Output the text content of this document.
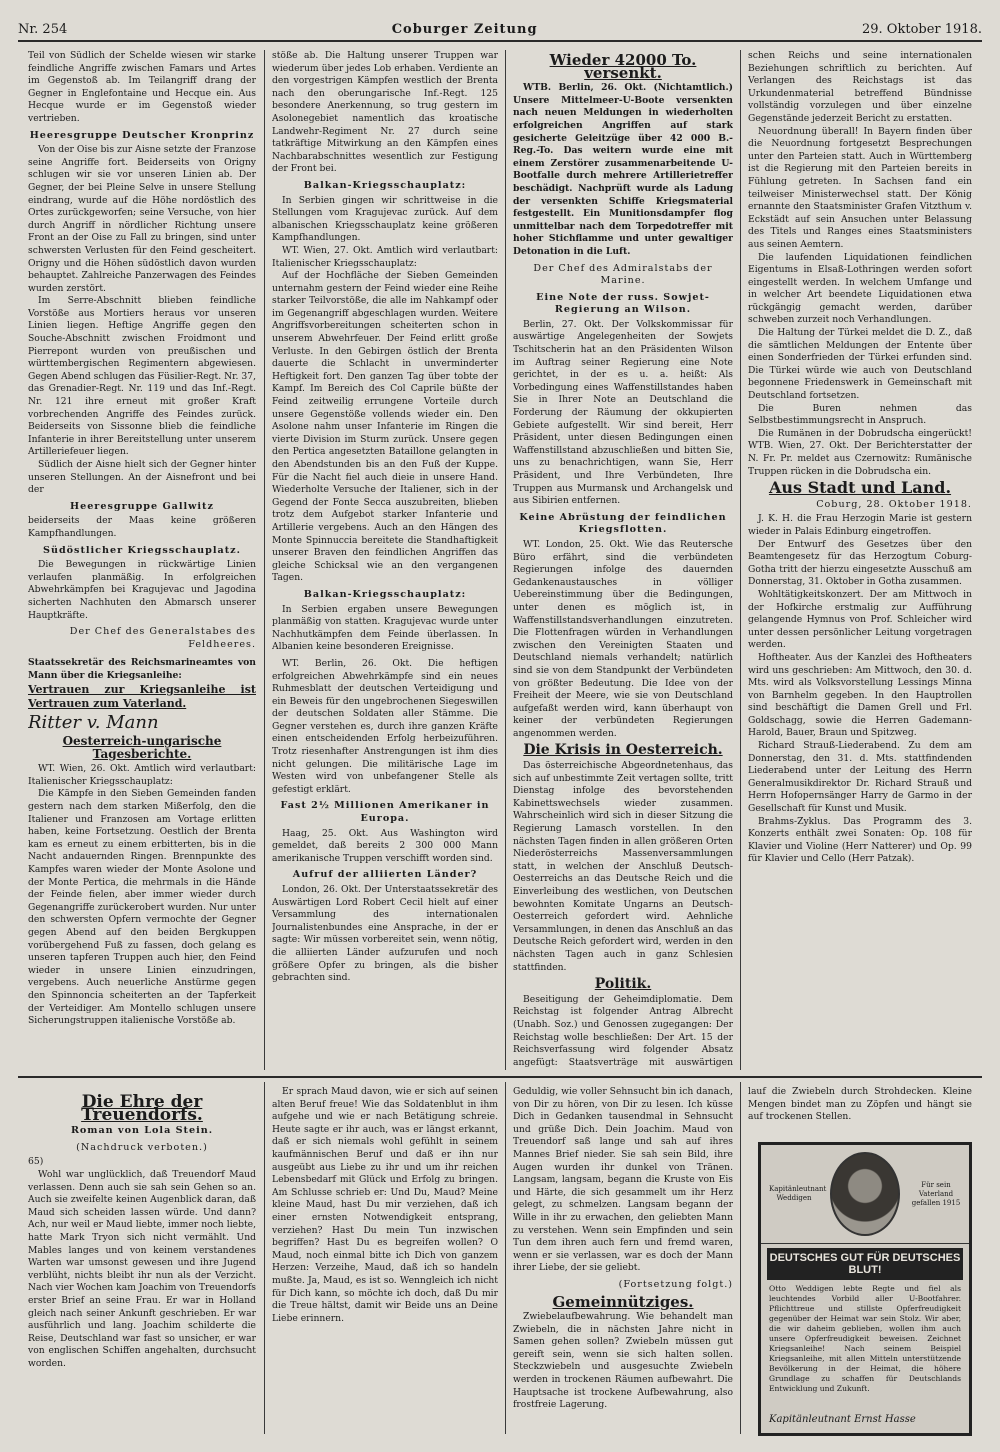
Nr. 254	Coburger Zeitung	29. Oktober 1918.

Teil von Südlich der Schelde wiesen wir starke feindliche Angriffe zwischen Famars und Artes im Gegenstoß ab. Im Teilangriff drang der Gegner in Englefontaine und Hecque ein. Aus Hecque wurde er im Gegenstoß wieder vertrieben.

Heeresgruppe Deutscher Kronprinz

Von der Oise bis zur Aisne setzte der Franzose seine Angriffe fort. Beiderseits von Origny schlugen wir sie vor unseren Linien ab. Der Gegner, der bei Pleine Selve in unsere Stellung eindrang, wurde auf die Höhe nordöstlich des Ortes zurückgeworfen; seine Versuche, von hier durch Angriff in nördlicher Richtung unsere Front an der Oise zu Fall zu bringen, sind unter schwersten Verlusten für den Feind gescheitert. Origny und die Höhen südöstlich davon wurden behauptet. Zahlreiche Panzerwagen des Feindes wurden zerstört.

Im Serre-Abschnitt blieben feindliche Vorstöße aus Mortiers heraus vor unseren Linien liegen. Heftige Angriffe gegen den Souche-Abschnitt zwischen Froidmont und Pierrepont wurden von preußischen und württembergischen Regimentern abgewiesen. Gegen Abend schlugen das Füsilier-Regt. Nr. 37, das Grenadier-Regt. Nr. 119 und das Inf.-Regt. Nr. 121 ihre erneut mit großer Kraft vorbrechenden Angriffe des Feindes zurück. Beiderseits von Sissonne blieb die feindliche Infanterie in ihrer Bereitstellung unter unserem Artilleriefeuer liegen.

Südlich der Aisne hielt sich der Gegner hinter unseren Stellungen. An der Aisnefront und bei der

Heeresgruppe Gallwitz

beiderseits der Maas keine größeren Kampfhandlungen.

Südöstlicher Kriegsschauplatz.

Die Bewegungen in rückwärtige Linien verlaufen planmäßig. In erfolgreichen Abwehrkämpfen bei Kragujevac und Jagodina sicherten Nachhuten den Abmarsch unserer Hauptkräfte.

Der Chef des Generalstabes des Feldheeres.

Staatssekretär des Reichsmarineamtes von Mann über die Kriegsanleihe:

Vertrauen zur Kriegsanleihe ist Vertrauen zum Vaterland.

Ritter v. Mann
Oesterreich-ungarische Tagesberichte.

WT. Wien, 26. Okt. Amtlich wird verlautbart: Italienischer Kriegsschauplatz:

Die Kämpfe in den Sieben Gemeinden fanden gestern nach dem starken Mißerfolg, den die Italiener und Franzosen am Vortage erlitten haben, keine Fortsetzung. Oestlich der Brenta kam es erneut zu einem erbitterten, bis in die Nacht andauernden Ringen. Brennpunkte des Kampfes waren wieder der Monte Asolone und der Monte Pertica, die mehrmals in die Hände der Feinde fielen, aber immer wieder durch Gegenangriffe zurückerobert wurden. Nur unter den schwersten Opfern vermochte der Gegner gegen Abend auf den beiden Bergkuppen vorübergehend Fuß zu fassen, doch gelang es unseren tapferen Truppen auch hier, den Feind wieder in unsere Linien einzudringen, vergebens. Auch neuerliche Anstürme gegen den Spinnoncia scheiterten an der Tapferkeit der Verteidiger. Am Montello schlugen unsere Sicherungstruppen italienische Vorstöße ab.

stöße ab. Die Haltung unserer Truppen war wiederum über jedes Lob erhaben. Verdiente an den vorgestrigen Kämpfen westlich der Brenta nach den oberungarische Inf.-Regt. 125 besondere Anerkennung, so trug gestern im Asolonegebiet namentlich das kroatische Landwehr-Regiment Nr. 27 durch seine tatkräftige Mitwirkung an den Kämpfen eines Nachbarabschnittes wesentlich zur Festigung der Front bei.

Balkan-Kriegsschauplatz:

In Serbien gingen wir schrittweise in die Stellungen vom Kragujevac zurück. Auf dem albanischen Kriegsschauplatz keine größeren Kampfhandlungen.

WT. Wien, 27. Okt. Amtlich wird verlautbart: Italienischer Kriegsschauplatz:

Auf der Hochfläche der Sieben Gemeinden unternahm gestern der Feind wieder eine Reihe starker Teilvorstöße, die alle im Nahkampf oder im Gegenangriff abgeschlagen wurden. Weitere Angriffsvorbereitungen scheiterten schon in unserem Abwehrfeuer. Der Feind erlitt große Verluste. In den Gebirgen östlich der Brenta dauerte die Schlacht in unverminderter Heftigkeit fort. Den ganzen Tag über tobte der Kampf. Im Bereich des Col Caprile büßte der Feind zeitweilig errungene Vorteile durch unsere Gegenstöße vollends wieder ein. Den Asolone nahm unser Infanterie im Ringen die vierte Division im Sturm zurück. Unsere gegen den Pertica angesetzten Bataillone gelangten in den Abendstunden bis an den Fuß der Kuppe. Für die Nacht fiel auch dieie in unsere Hand. Wiederholte Versuche der Italiener, sich in der Gegend der Fonte Secca auszubreiten, blieben trotz dem Aufgebot starker Infanterie und Artillerie vergebens. Auch an den Hängen des Monte Spinnuccia bereitete die Standhaftigkeit unserer Braven den feindlichen Angriffen das gleiche Schicksal wie an den vergangenen Tagen.

Balkan-Kriegsschauplatz:

In Serbien ergaben unsere Bewegungen planmäßig von statten. Kragujevac wurde unter Nachhutkämpfen dem Feinde überlassen. In Albanien keine besonderen Ereignisse.

WT. Berlin, 26. Okt. Die heftigen erfolgreichen Abwehrkämpfe sind ein neues Ruhmesblatt der deutschen Verteidigung und ein Beweis für den ungebrochenen Siegeswillen der deutschen Soldaten aller Stämme. Die Gegner verstehen es, durch ihre ganzen Kräfte einen entscheidenden Erfolg herbeizuführen. Trotz riesenhafter Anstrengungen ist ihm dies nicht gelungen. Die militärische Lage im Westen wird von unbefangener Stelle als gefestigt erklärt.

Fast 2½ Millionen Amerikaner in Europa.

Haag, 25. Okt. Aus Washington wird gemeldet, daß bereits 2 300 000 Mann amerikanische Truppen verschifft worden sind.

Aufruf der alliierten Länder?

London, 26. Okt. Der Unterstaatssekretär des Auswärtigen Lord Robert Cecil hielt auf einer Versammlung des internationalen Journalistenbundes eine Ansprache, in der er sagte: Wir müssen vorbereitet sein, wenn nötig, die alliierten Länder aufzurufen und noch größere Opfer zu bringen, als die bisher gebrachten sind.

Wieder 42000 To. versenkt.

WTB. Berlin, 26. Okt. (Nichtamtlich.) Unsere Mittelmeer-U-Boote versenkten nach neuen Meldungen in wiederholten erfolgreichen Angriffen auf stark gesicherte Geleitzüge über 42 000 B.-Reg.-To. Das weitern wurde eine mit einem Zerstörer zusammenarbeitende U-Bootfalle durch mehrere Artillerietreffer beschädigt. Nachprüft wurde als Ladung der versenkten Schiffe Kriegsmaterial festgestellt. Ein Munitionsdampfer flog unmittelbar nach dem Torpedotreffer mit hoher Stichflamme und unter gewaltiger Detonation in die Luft.

Der Chef des Admiralstabs der Marine.
Eine Note der russ. Sowjet-Regierung an Wilson.

Berlin, 27. Okt. Der Volkskommissar für auswärtige Angelegenheiten der Sowjets Tschitscherin hat an den Präsidenten Wilson im Auftrag seiner Regierung eine Note gerichtet, in der es u. a. heißt: Als Vorbedingung eines Waffenstillstandes haben Sie in Ihrer Note an Deutschland die Forderung der Räumung der okkupierten Gebiete aufgestellt. Wir sind bereit, Herr Präsident, unter diesen Bedingungen einen Waffenstillstand abzuschließen und bitten Sie, uns zu benachrichtigen, wann Sie, Herr Präsident, und Ihre Verbündeten, Ihre Truppen aus Murmansk und Archangelsk und aus Sibirien entfernen.

Keine Abrüstung der feindlichen Kriegsflotten.

WT. London, 25. Okt. Wie das Reutersche Büro erfährt, sind die verbündeten Regierungen infolge des dauernden Gedankenaustausches in völliger Uebereinstimmung über die Bedingungen, unter denen es möglich ist, in Waffenstillstandsverhandlungen einzutreten. Die Flottenfragen würden in Verhandlungen zwischen den Vereinigten Staaten und Deutschland niemals verhandelt; natürlich sind sie von dem Standpunkt der Verbündeten von größter Bedeutung. Die Idee von der Freiheit der Meere, wie sie von Deutschland aufgefaßt werden wird, kann überhaupt von keiner der verbündeten Regierungen angenommen werden.

Die Krisis in Oesterreich.

Das österreichische Abgeordnetenhaus, das sich auf unbestimmte Zeit vertagen sollte, tritt Dienstag infolge des bevorstehenden Kabinettswechsels wieder zusammen. Wahrscheinlich wird sich in dieser Sitzung die Regierung Lamasch vorstellen. In den nächsten Tagen finden in allen größeren Orten Niederösterreichs Massenversammlungen statt, in welchen der Anschluß Deutsch-Oesterreichs an das Deutsche Reich und die Einverleibung des westlichen, von Deutschen bewohnten Komitate Ungarns an Deutsch-Oesterreich gefordert wird. Aehnliche Versammlungen, in denen das Anschluß an das Deutsche Reich gefordert wird, werden in den nächsten Tagen auch in ganz Schlesien stattfinden.

Politik.

Beseitigung der Geheimdiplomatie. Dem Reichstag ist folgender Antrag Albrecht (Unabh. Soz.) und Genossen zugegangen: Der Reichstag wolle beschließen: Der Art. 15 der Reichsverfassung wird folgender Absatz angefügt: Staatsverträge mit auswärtigen

schen Reichs und seine internationalen Beziehungen schriftlich zu berichten. Auf Verlangen des Reichstags ist das Urkundenmaterial betreffend Bündnisse vollständig vorzulegen und über einzelne Gegenstände jederzeit Bericht zu erstatten.

Neuordnung überall! In Bayern finden über die Neuordnung fortgesetzt Besprechungen unter den Parteien statt. Auch in Württemberg ist die Regierung mit den Parteien bereits in Fühlung getreten. In Sachsen fand ein teilweiser Ministerwechsel statt. Der König ernannte den Staatsminister Grafen Vitzthum v. Eckstädt auf sein Ansuchen unter Belassung des Titels und Ranges eines Staatsministers aus seinen Aemtern.

Die laufenden Liquidationen feindlichen Eigentums in Elsaß-Lothringen werden sofort eingestellt werden. In welchem Umfange und in welcher Art beendete Liquidationen etwa rückgängig gemacht werden, darüber schweben zurzeit noch Verhandlungen.

Die Haltung der Türkei meldet die D. Z., daß die sämtlichen Meldungen der Entente über einen Sonderfrieden der Türkei erfunden sind. Die Türkei würde wie auch von Deutschland begonnene Friedenswerk in Gemeinschaft mit Deutschland fortsetzen.

Die Buren nehmen das Selbstbestimmungsrecht in Anspruch.

Die Rumänen in der Dobrudscha eingerückt! WTB. Wien, 27. Okt. Der Berichterstatter der N. Fr. Pr. meldet aus Czernowitz: Rumänische Truppen rücken in die Dobrudscha ein.

Aus Stadt und Land.
Coburg, 28. Oktober 1918.

J. K. H. die Frau Herzogin Marie ist gestern wieder in Palais Edinburg eingetroffen.

Der Entwurf des Gesetzes über den Beamtengesetz für das Herzogtum Coburg-Gotha tritt der hierzu eingesetzte Ausschuß am Donnerstag, 31. Oktober in Gotha zusammen.

Wohltätigkeitskonzert. Der am Mittwoch in der Hofkirche erstmalig zur Aufführung gelangende Hymnus von Prof. Schleicher wird unter dessen persönlicher Leitung vorgetragen werden.

Hoftheater. Aus der Kanzlei des Hoftheaters wird uns geschrieben: Am Mittwoch, den 30. d. Mts. wird als Volksvorstellung Lessings Minna von Barnhelm gegeben. In den Hauptrollen sind beschäftigt die Damen Grell und Frl. Goldschagg, sowie die Herren Gademann-Harold, Bauer, Braun und Spitzweg.

Richard Strauß-Liederabend. Zu dem am Donnerstag, den 31. d. Mts. stattfindenden Liederabend unter der Leitung des Herrn Generalmusikdirektor Dr. Richard Strauß und Herrn Hofopernsänger Harry de Garmo in der Gesellschaft für Kunst und Musik.

Brahms-Zyklus. Das Programm des 3. Konzerts enthält zwei Sonaten: Op. 108 für Klavier und Violine (Herr Natterer) und Op. 99 für Klavier und Cello (Herr Patzak).

Die Ehre der Treuendorfs.
Roman von Lola Stein.
(Nachdruck verboten.)

65)

Wohl war unglücklich, daß Treuendorf Maud verlassen. Denn auch sie sah sein Gehen so an. Auch sie zweifelte keinen Augenblick daran, daß Maud sich scheiden lassen würde. Und dann? Ach, nur weil er Maud liebte, immer noch liebte, hatte Mark Tryon sich nicht vermählt. Und Mables langes und von keinem verstandenes Warten war umsonst gewesen und ihre Jugend verblüht, nichts bleibt ihr nun als der Verzicht. Nach vier Wochen kam Joachim von Treuendorfs erster Brief an seine Frau. Er war in Holland gleich nach seiner Ankunft geschrieben. Er war ausführlich und lang. Joachim schilderte die Reise, Deutschland war fast so unsicher, er war von englischen Schiffen angehalten, durchsucht worden.

Er sprach Maud davon, wie er sich auf seinen alten Beruf freue! Wie das Soldatenblut in ihm aufgehe und wie er nach Betätigung schreie. Heute sagte er ihr auch, was er längst erkannt, daß er sich niemals wohl gefühlt in seinem kaufmännischen Beruf und daß er ihn nur ausgeübt aus Liebe zu ihr und um ihr reichen Lebensbedarf mit Glück und Erfolg zu bringen. Am Schlusse schrieb er: Und Du, Maud? Meine kleine Maud, hast Du mir verziehen, daß ich einer ernsten Notwendigkeit entsprang, verziehen? Hast Du mein Tun inzwischen begriffen? Hast Du es begreifen wollen? O Maud, noch einmal bitte ich Dich von ganzem Herzen: Verzeihe, Maud, daß ich so handeln mußte. Ja, Maud, es ist so. Wenngleich ich nicht für Dich kann, so möchte ich doch, daß Du mir die Treue hältst, damit wir Beide uns an Deine Liebe erinnern.

Geduldig, wie voller Sehnsucht bin ich danach, von Dir zu hören, von Dir zu lesen. Ich küsse Dich in Gedanken tausendmal in Sehnsucht und grüße Dich. Dein Joachim. Maud von Treuendorf saß lange und sah auf ihres Mannes Brief nieder. Sie sah sein Bild, ihre Augen wurden ihr dunkel von Tränen. Langsam, langsam, begann die Kruste von Eis und Härte, die sich gesammelt um ihr Herz gelegt, zu schmelzen. Langsam begann der Wille in ihr zu erwachen, den geliebten Mann zu verstehen. Wenn sein Empfinden und sein Tun dem ihren auch fern und fremd waren, wenn er sie verlassen, war es doch der Mann ihrer Liebe, der sie geliebt.

(Fortsetzung folgt.)
Gemeinnütziges.

Zwiebelaufbewahrung. Wie behandelt man Zwiebeln, die in nächsten Jahre nicht in Samen gehen sollen? Zwiebeln müssen gut gereift sein, wenn sie sich halten sollen. Steckzwiebeln und ausgesuchte Zwiebeln werden in trockenen Räumen aufbewahrt. Die Hauptsache ist trockene Aufbewahrung, also frostfreie Lagerung.

lauf die Zwiebeln durch Strohdecken. Kleine Mengen bindet man zu Zöpfen und hängt sie auf trockenen Stellen.

Kapitänleutnant Weddigen
Für sein Vaterland gefallen 1915
DEUTSCHES GUT FÜR DEUTSCHES BLUT!
Otto Weddigen lebte Regte und fiel als leuchtendes Vorbild aller U-Bootfahrer. Pflichttreue und stillste Opferfreudigkeit gegenüber der Heimat war sein Stolz. Wir aber, die wir daheim geblieben, wollen ihm auch unsere Opferfreudigkeit beweisen. Zeichnet Kriegsanleihe! Nach seinem Beispiel Kriegsanleihe, mit allen Mitteln unterstützende Bevölkerung in der Heimat, die höhere Grundlage zu schaffen für Deutschlands Entwicklung und Zukunft.
Kapitänleutnant Ernst Hasse
